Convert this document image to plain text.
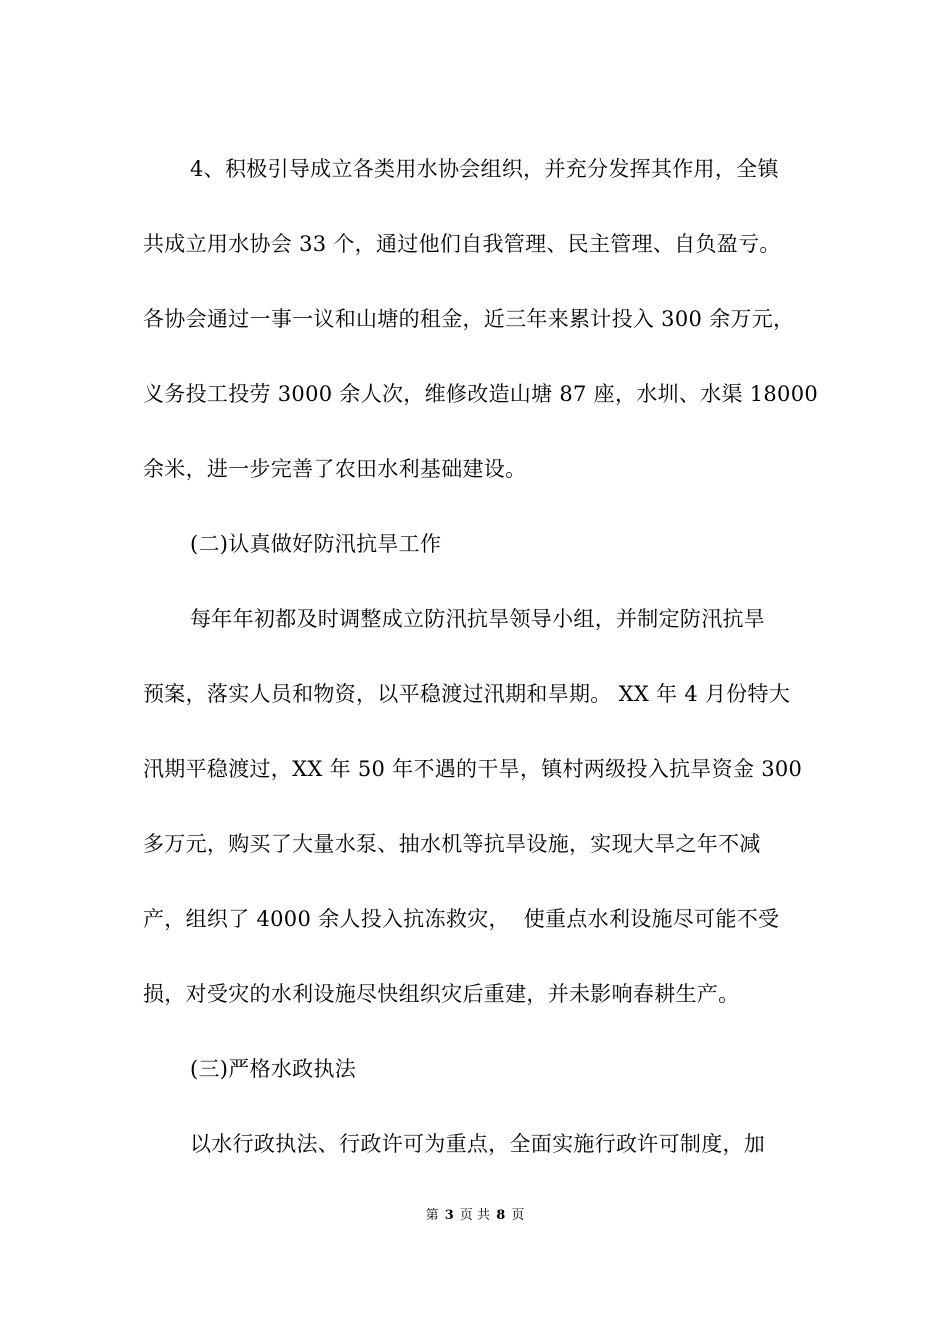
4、积极引导成立各类用水协会组织，并充分发挥其作用，全镇
共成立用水协会 33 个，通过他们自我管理、民主管理、自负盈亏。
各协会通过一事一议和山塘的租金，近三年来累计投入 300 余万元，
义务投工投劳 3000 余人次，维修改造山塘 87 座，水圳、水渠 18000
余米，进一步完善了农田水利基础建设。
(二)认真做好防汛抗旱工作
每年年初都及时调整成立防汛抗旱领导小组，并制定防汛抗旱
预案，落实人员和物资，以平稳渡过汛期和旱期。 XX 年 4 月份特大
汛期平稳渡过，XX 年 50 年不遇的干旱，镇村两级投入抗旱资金 300
多万元，购买了大量水泵、抽水机等抗旱设施，实现大旱之年不减
产，组织了 4000 余人投入抗冻救灾，  使重点水利设施尽可能不受
损，对受灾的水利设施尽快组织灾后重建，并未影响春耕生产。
(三)严格水政执法
以水行政执法、行政许可为重点，全面实施行政许可制度，加
第 3 页 共 8 页
